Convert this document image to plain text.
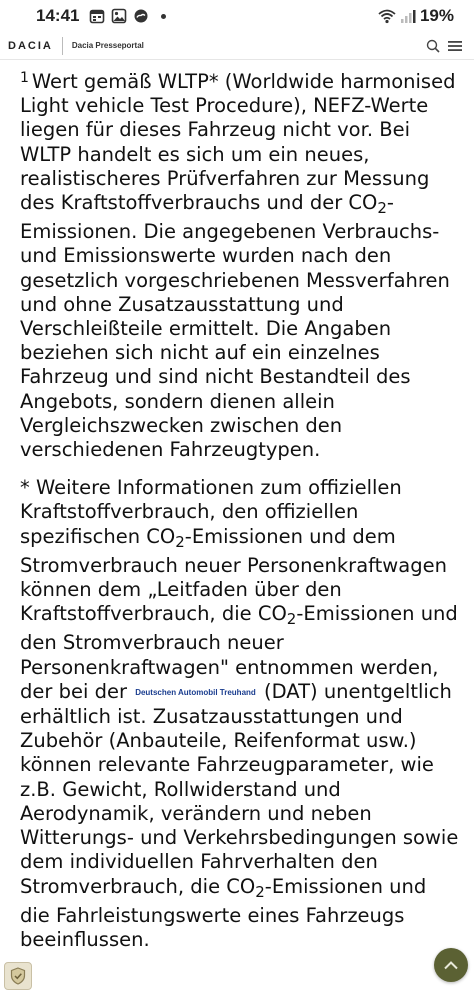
14:41	19%
DACIA Dacia Presseportal

$^1$ Wert gemäß WLTP* (Worldwide harmonised Light vehicle Test Procedure), NEFZ-Werte liegen für dieses Fahrzeug nicht vor. Bei WLTP handelt es sich um ein neues, realistischeres Prüfverfahren zur Messung des Kraftstoffverbrauchs und der $CO_2$-Emissionen. Die angegebenen Verbrauchs- und Emissionswerte wurden nach den gesetzlich vorgeschriebenen Messverfahren und ohne Zusatzausstattung und Verschleißteile ermittelt. Die Angaben beziehen sich nicht auf ein einzelnes Fahrzeug und sind nicht Bestandteil des Angebots, sondern dienen allein Vergleichszwecken zwischen den verschiedenen Fahrzeugtypen.

* Weitere Informationen zum offiziellen Kraftstoffverbrauch, den offiziellen spezifischen $CO_2$-Emissionen und dem Stromverbrauch neuer Personenkraftwagen können dem „Leitfaden über den Kraftstoffverbrauch, die $CO_2$-Emissionen und den Stromverbrauch neuer Personenkraftwagen" entnommen werden, der bei der Deutschen Automobil Treuhand (DAT) unentgeltlich erhältlich ist. Zusatzausstattungen und Zubehör (Anbauteile, Reifenformat usw.) können relevante Fahrzeugparameter, wie z.B. Gewicht, Rollwiderstand und Aerodynamik, verändern und neben Witterungs- und Verkehrsbedingungen sowie dem individuellen Fahrverhalten den Stromverbrauch, die $CO_2$-Emissionen und die Fahrleistungswerte eines Fahrzeugs beeinflussen.
